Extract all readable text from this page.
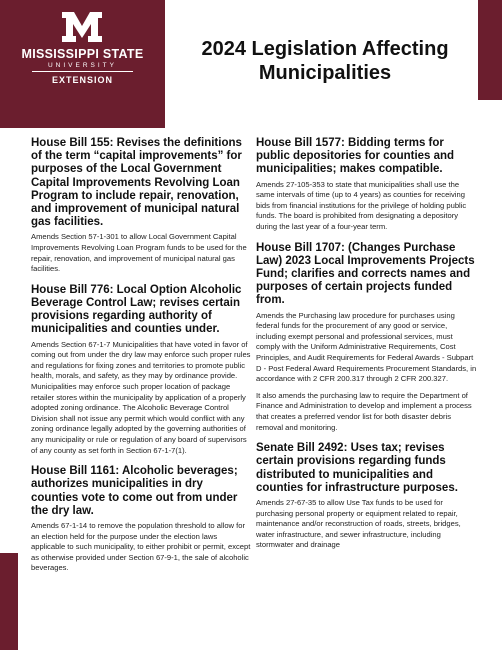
MISSISSIPPI STATE
UNIVERSITY
EXTENSION
2024 Legislation Affecting
Municipalities
House Bill 155: Revises the definitions of the term “capital improvements” for purposes of the Local Government Capital Improvements Revolving Loan Program to include repair, renovation, and improvement of municipal natural gas facilities.

Amends Section 57-1-301 to allow Local Government Capital Improvements Revolving Loan Program funds to be used for the repair, renovation, and improvement of municipal natural gas facilities.

House Bill 776: Local Option Alcoholic Beverage Control Law; revises certain provisions regarding authority of municipalities and counties under.

Amends Section 67-1-7 Municipalities that have voted in favor of coming out from under the dry law may enforce such proper rules and regulations for fixing zones and territories to promote public health, morals, and safety, as they may by ordinance provide. Municipalities may enforce such proper location of package retailer stores within the municipality by application of a properly adopted zoning ordinance. The Alcoholic Beverage Control Division shall not issue any permit which would conflict with any zoning ordinance legally adopted by the governing authorities of any municipality or rule or regulation of any board of supervisors of any county as set forth in Section 67-1-7(1).

House Bill 1161: Alcoholic beverages; authorizes municipalities in dry counties vote to come out from under the dry law.

Amends 67-1-14 to remove the population threshold to allow for an election held for the purpose under the election laws applicable to such municipality, to either prohibit or permit, except as otherwise provided under Section 67-9-1, the sale of alcoholic beverages.

House Bill 1577: Bidding terms for public depositories for counties and municipalities; makes compatible.

Amends 27-105-353 to state that municipalities shall use the same intervals of time (up to 4 years) as counties for receiving bids from financial institutions for the privilege of holding public funds. The board is prohibited from designating a depository during the last year of a four-year term.

House Bill 1707: (Changes Purchase Law) 2023 Local Improvements Projects Fund; clarifies and corrects names and purposes of certain projects funded from.

Amends the Purchasing law procedure for purchases using federal funds for the procurement of any good or service, including exempt personal and professional services, must comply with the Uniform Administrative Requirements, Cost Principles, and Audit Requirements for Federal Awards - Subpart D - Post Federal Award Requirements Procurement Standards, in accordance with 2 CFR 200.317 through 2 CFR 200.327.

It also amends the purchasing law to require the Department of Finance and Administration to develop and implement a process that creates a preferred vendor list for both disaster debris removal and monitoring.

Senate Bill 2492: Uses tax; revises certain provisions regarding funds distributed to municipalities and counties for infrastructure purposes.

Amends 27-67-35 to allow Use Tax funds to be used for purchasing personal property or equipment related to repair, maintenance and/or reconstruction of roads, streets, bridges, water infrastructure, and sewer infrastructure, including stormwater and drainage
